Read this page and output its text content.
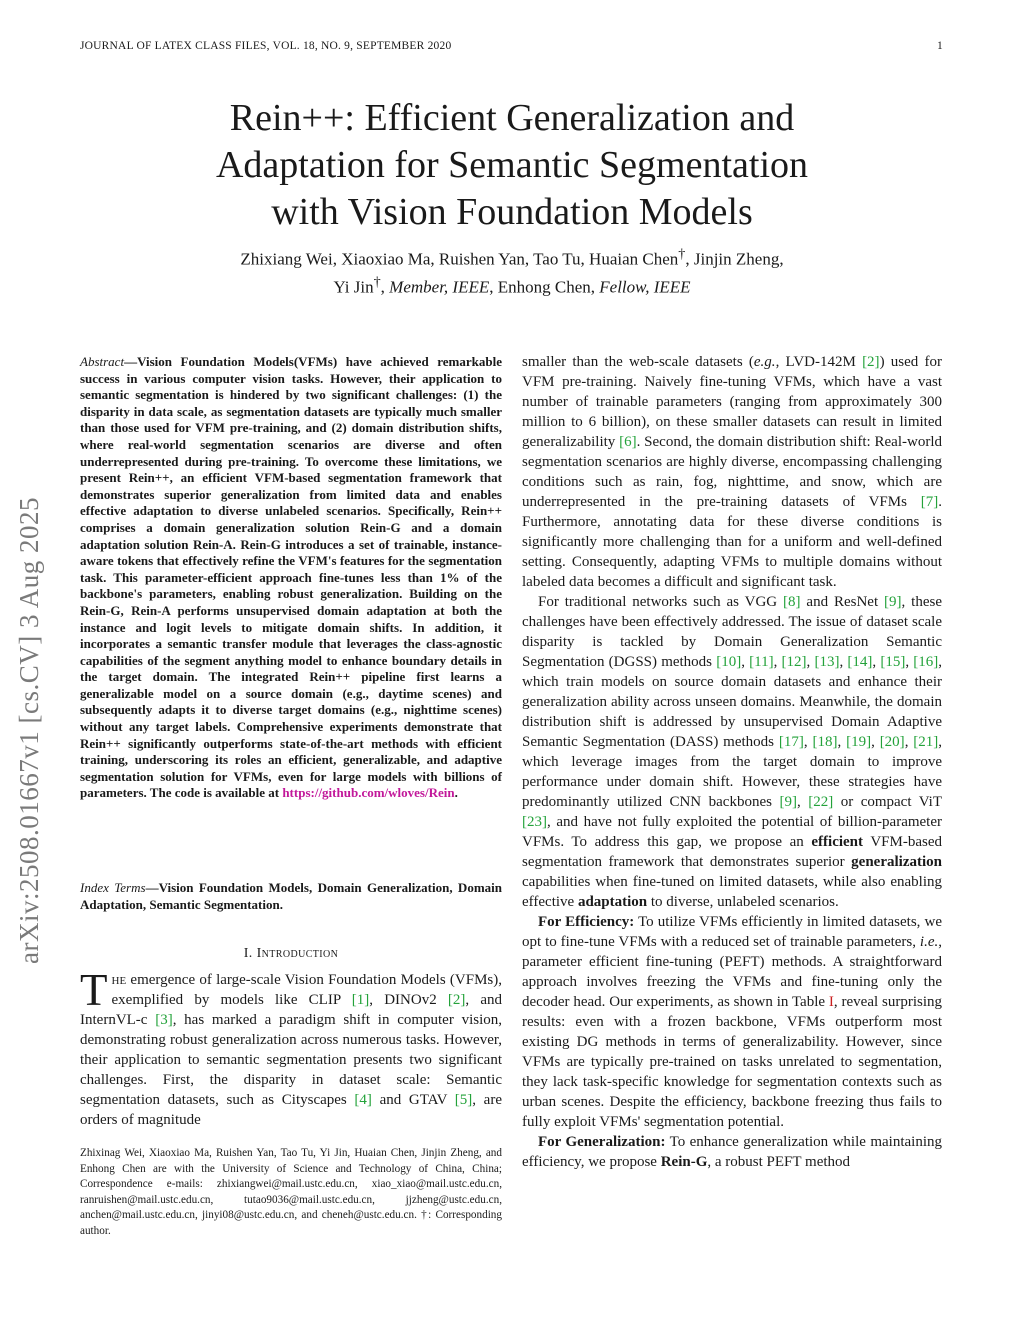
JOURNAL OF LATEX CLASS FILES, VOL. 18, NO. 9, SEPTEMBER 2020	1
arXiv:2508.01667v1 [cs.CV] 3 Aug 2025
Rein++: Efficient Generalization and
Adaptation for Semantic Segmentation
with Vision Foundation Models
Zhixiang Wei, Xiaoxiao Ma, Ruishen Yan, Tao Tu, Huaian Chen†, Jinjin Zheng,
Yi Jin†, Member, IEEE, Enhong Chen, Fellow, IEEE
Abstract—Vision Foundation Models(VFMs) have achieved remarkable success in various computer vision tasks. However, their application to semantic segmentation is hindered by two significant challenges: (1) the disparity in data scale, as segmentation datasets are typically much smaller than those used for VFM pre-training, and (2) domain distribution shifts, where real-world segmentation scenarios are diverse and often underrepresented during pre-training. To overcome these limitations, we present Rein++, an efficient VFM-based segmentation framework that demonstrates superior generalization from limited data and enables effective adaptation to diverse unlabeled scenarios. Specifically, Rein++ comprises a domain generalization solution Rein-G and a domain adaptation solution Rein-A. Rein-G introduces a set of trainable, instance-aware tokens that effectively refine the VFM's features for the segmentation task. This parameter-efficient approach fine-tunes less than 1% of the backbone's parameters, enabling robust generalization. Building on the Rein-G, Rein-A performs unsupervised domain adaptation at both the instance and logit levels to mitigate domain shifts. In addition, it incorporates a semantic transfer module that leverages the class-agnostic capabilities of the segment anything model to enhance boundary details in the target domain. The integrated Rein++ pipeline first learns a generalizable model on a source domain (e.g., daytime scenes) and subsequently adapts it to diverse target domains (e.g., nighttime scenes) without any target labels. Comprehensive experiments demonstrate that Rein++ significantly outperforms state-of-the-art methods with efficient training, underscoring its roles an efficient, generalizable, and adaptive segmentation solution for VFMs, even for large models with billions of parameters. The code is available at https://github.com/wloves/Rein.
Index Terms—Vision Foundation Models, Domain Generalization, Domain Adaptation, Semantic Segmentation.
I. Introduction
The emergence of large-scale Vision Foundation Models (VFMs), exemplified by models like CLIP [1], DINOv2 [2], and InternVL-c [3], has marked a paradigm shift in computer vision, demonstrating robust generalization across numerous tasks. However, their application to semantic segmentation presents two significant challenges. First, the disparity in dataset scale: Semantic segmentation datasets, such as Cityscapes [4] and GTAV [5], are orders of magnitude
Zhixinag Wei, Xiaoxiao Ma, Ruishen Yan, Tao Tu, Yi Jin, Huaian Chen, Jinjin Zheng, and Enhong Chen are with the University of Science and Technology of China, China; Correspondence e-mails: zhixiangwei@mail.ustc.edu.cn, xiao_xiao@mail.ustc.edu.cn, ranruishen@mail.ustc.edu.cn, tutao9036@mail.ustc.edu.cn, jjzheng@ustc.edu.cn, anchen@mail.ustc.edu.cn, jinyi08@ustc.edu.cn, and cheneh@ustc.edu.cn. †: Corresponding author.

smaller than the web-scale datasets (e.g., LVD-142M [2]) used for VFM pre-training. Naively fine-tuning VFMs, which have a vast number of trainable parameters (ranging from approximately 300 million to 6 billion), on these smaller datasets can result in limited generalizability [6]. Second, the domain distribution shift: Real-world segmentation scenarios are highly diverse, encompassing challenging conditions such as rain, fog, nighttime, and snow, which are underrepresented in the pre-training datasets of VFMs [7]. Furthermore, annotating data for these diverse conditions is significantly more challenging than for a uniform and well-defined setting. Consequently, adapting VFMs to multiple domains without labeled data becomes a difficult and significant task.

For traditional networks such as VGG [8] and ResNet [9], these challenges have been effectively addressed. The issue of dataset scale disparity is tackled by Domain Generalization Semantic Segmentation (DGSS) methods [10], [11], [12], [13], [14], [15], [16], which train models on source domain datasets and enhance their generalization ability across unseen domains. Meanwhile, the domain distribution shift is addressed by unsupervised Domain Adaptive Semantic Segmentation (DASS) methods [17], [18], [19], [20], [21], which leverage images from the target domain to improve performance under domain shift. However, these strategies have predominantly utilized CNN backbones [9], [22] or compact ViT [23], and have not fully exploited the potential of billion-parameter VFMs. To address this gap, we propose an efficient VFM-based segmentation framework that demonstrates superior generalization capabilities when fine-tuned on limited datasets, while also enabling effective adaptation to diverse, unlabeled scenarios.

For Efficiency: To utilize VFMs efficiently in limited datasets, we opt to fine-tune VFMs with a reduced set of trainable parameters, i.e., parameter efficient fine-tuning (PEFT) methods. A straightforward approach involves freezing the VFMs and fine-tuning only the decoder head. Our experiments, as shown in Table I, reveal surprising results: even with a frozen backbone, VFMs outperform most existing DG methods in terms of generalizability. However, since VFMs are typically pre-trained on tasks unrelated to segmentation, they lack task-specific knowledge for segmentation contexts such as urban scenes. Despite the efficiency, backbone freezing thus fails to fully exploit VFMs' segmentation potential.

For Generalization: To enhance generalization while maintaining efficiency, we propose Rein-G, a robust PEFT method
